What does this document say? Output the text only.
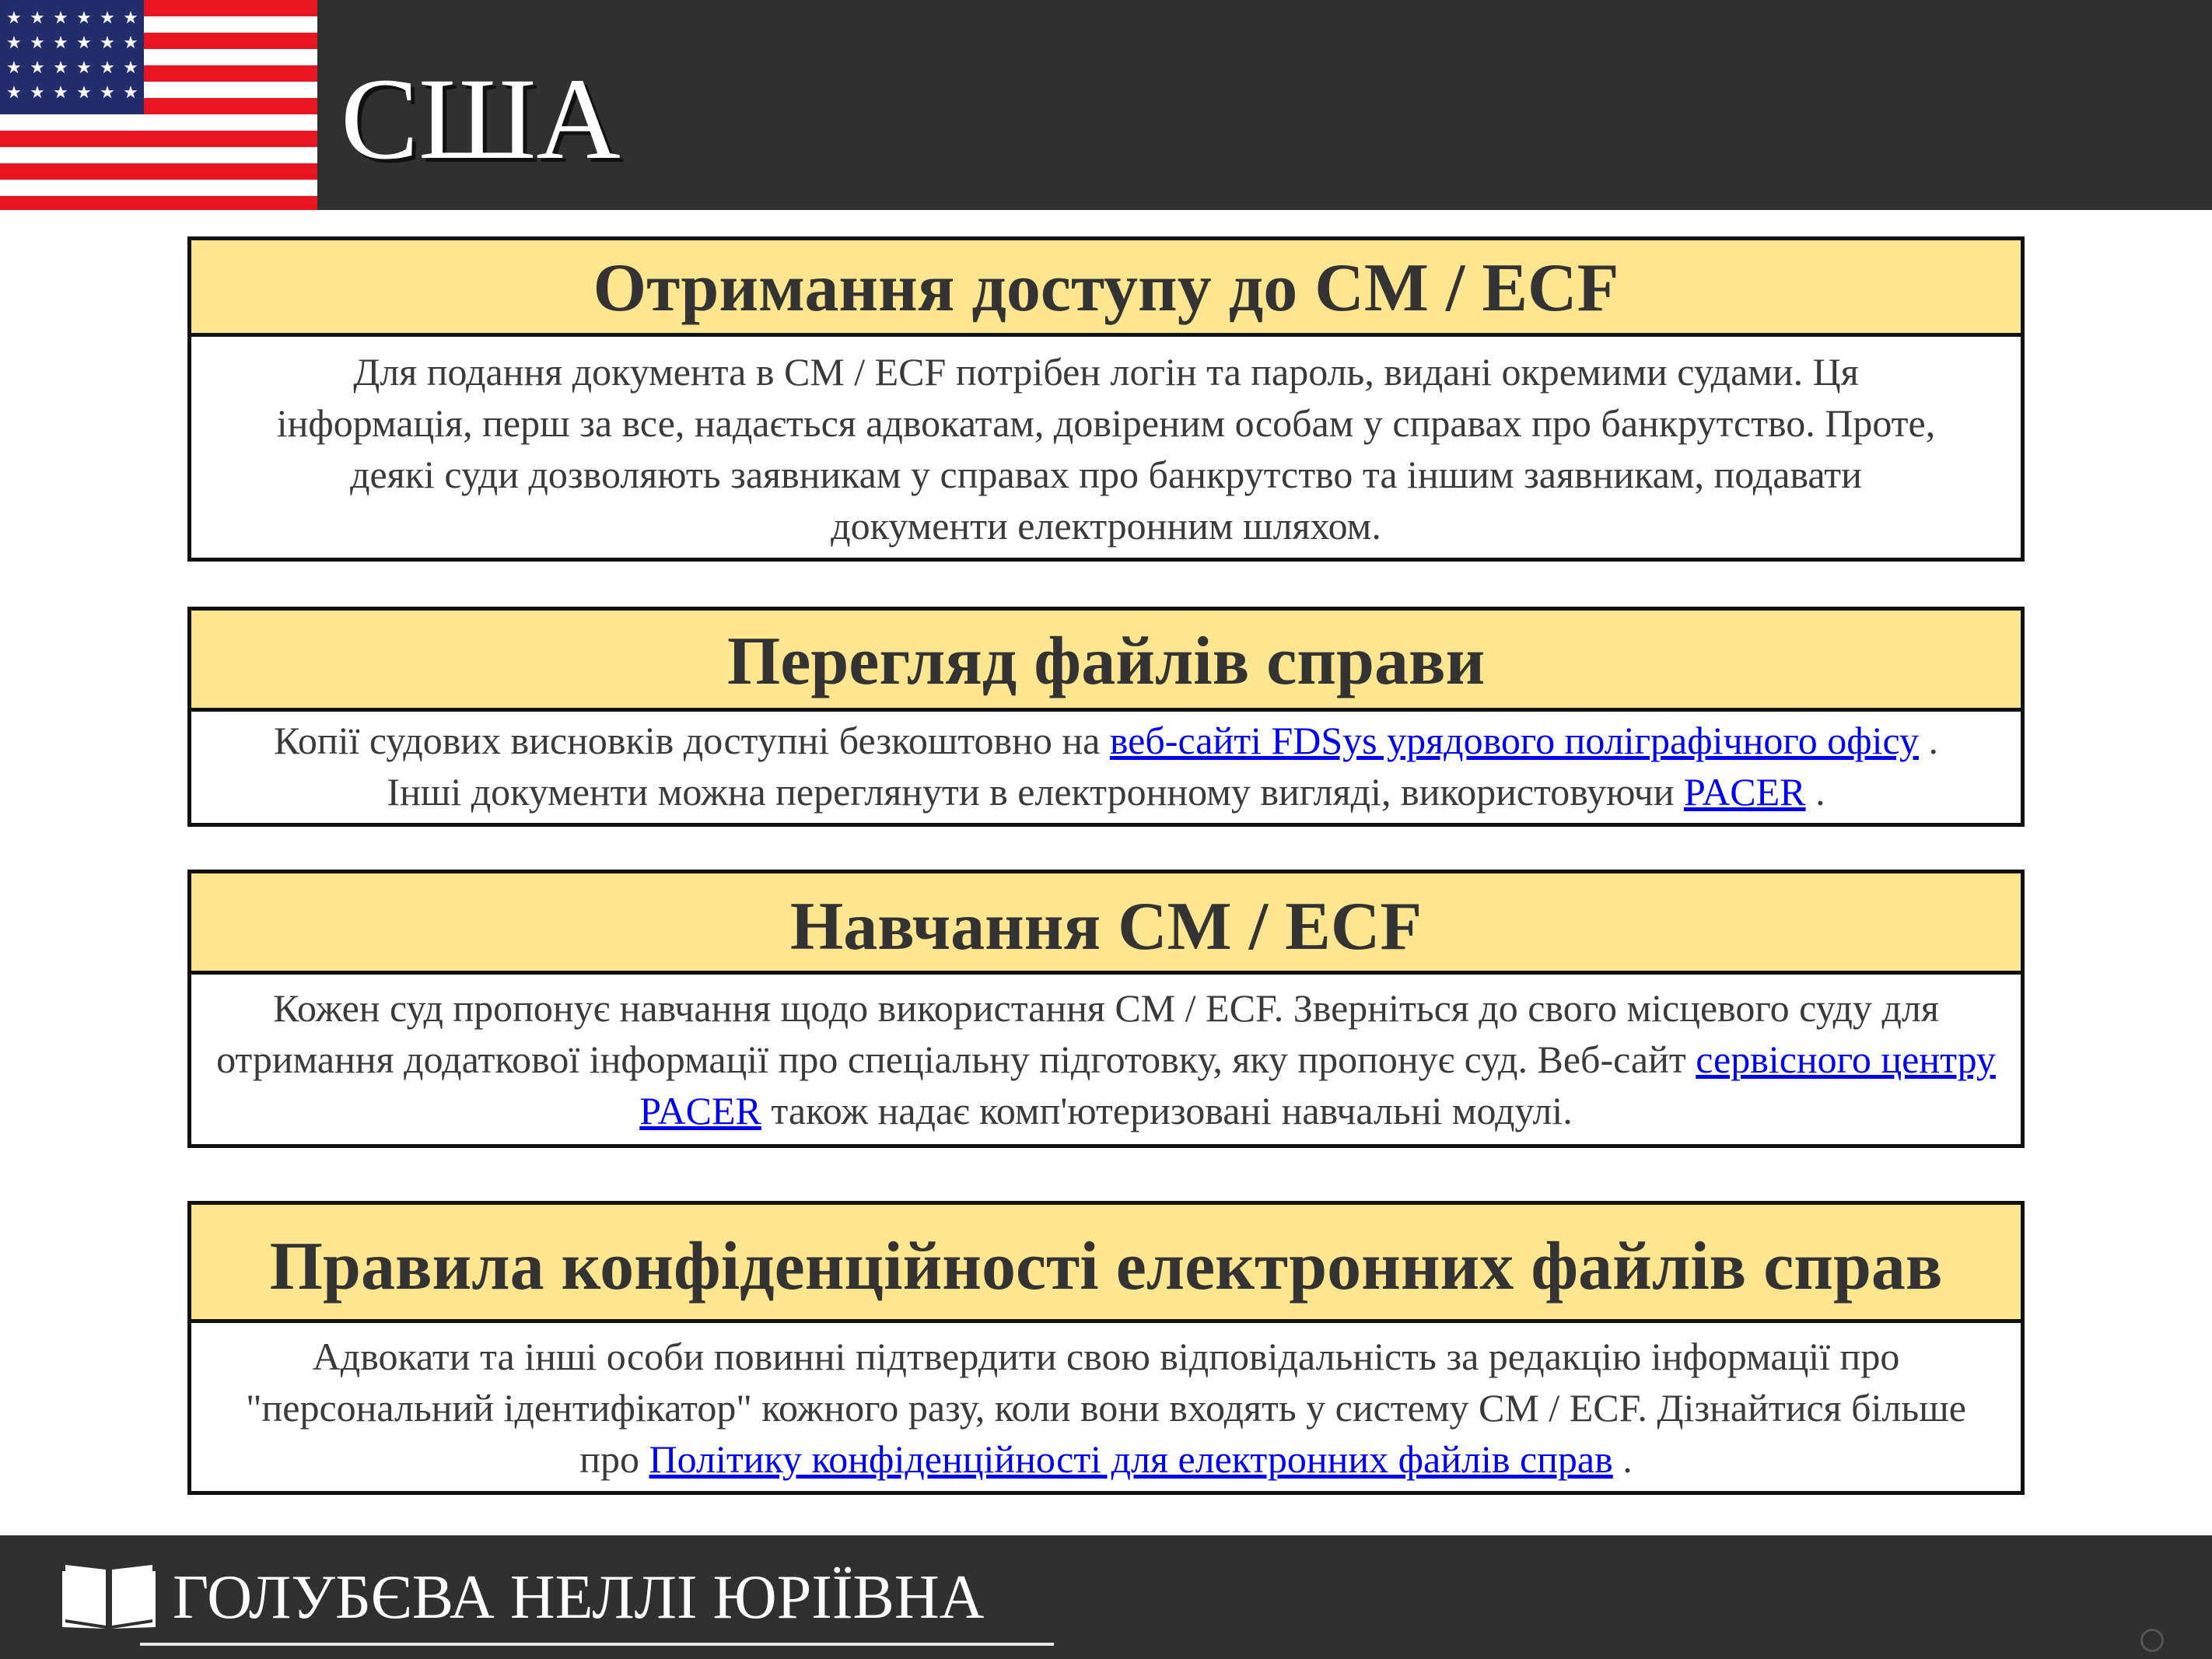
★ ★ ★ ★ ★ ★
★ ★ ★ ★ ★ ★
★ ★ ★ ★ ★ ★
★ ★ ★ ★ ★ ★ США
Отримання доступу до CM / ECF
Для подання документа в CM / ECF потрібен логін та пароль, видані окремими судами. Ця інформація, перш за все, надається адвокатам, довіреним особам у справах про банкрутство. Проте, деякі суди дозволяють заявникам у справах про банкрутство та іншим заявникам, подавати документи електронним шляхом.
Перегляд файлів справи
Копії судових висновків доступні безкоштовно на веб-сайті FDSys урядового поліграфічного офісу . Інші документи можна переглянути в електронному вигляді, використовуючи PACER .
Навчання CM / ECF
Кожен суд пропонує навчання щодо використання CM / ECF. Зверніться до свого місцевого суду для отримання додаткової інформації про спеціальну підготовку, яку пропонує суд. Веб-сайт сервісного центру PACER також надає комп'ютеризовані навчальні модулі.
Правила конфіденційності електронних файлів справ
Адвокати та інші особи повинні підтвердити свою відповідальність за редакцію інформації про "персональний ідентифікатор" кожного разу, коли вони входять у систему CM / ECF. Дізнайтися більше про Політику конфіденційності для електронних файлів справ .
ГОЛУБЄВА НЕЛЛІ ЮРІЇВНА
